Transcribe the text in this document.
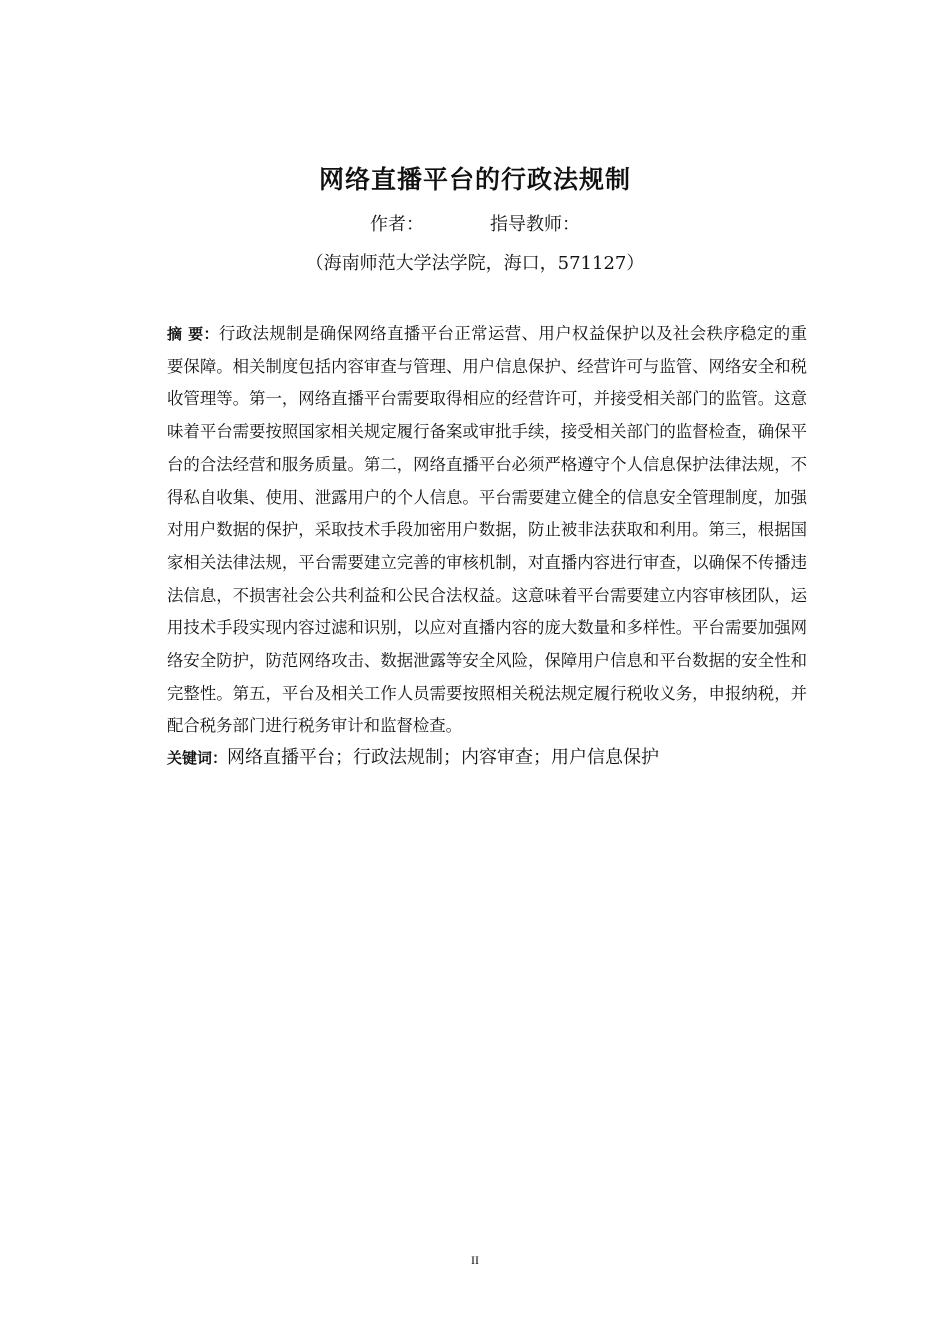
网络直播平台的行政法规制
作者：	指导教师：
（海南师范大学法学院，海口，571127）
摘 要：行政法规制是确保网络直播平台正常运营、用户权益保护以及社会秩序稳定的重要保障。相关制度包括内容审查与管理、用户信息保护、经营许可与监管、网络安全和税收管理等。第一，网络直播平台需要取得相应的经营许可，并接受相关部门的监管。这意味着平台需要按照国家相关规定履行备案或审批手续，接受相关部门的监督检查，确保平台的合法经营和服务质量。第二，网络直播平台必须严格遵守个人信息保护法律法规，不得私自收集、使用、泄露用户的个人信息。平台需要建立健全的信息安全管理制度，加强对用户数据的保护，采取技术手段加密用户数据，防止被非法获取和利用。第三，根据国家相关法律法规，平台需要建立完善的审核机制，对直播内容进行审查，以确保不传播违法信息，不损害社会公共利益和公民合法权益。这意味着平台需要建立内容审核团队，运用技术手段实现内容过滤和识别，以应对直播内容的庞大数量和多样性。平台需要加强网络安全防护，防范网络攻击、数据泄露等安全风险，保障用户信息和平台数据的安全性和完整性。第五，平台及相关工作人员需要按照相关税法规定履行税收义务，申报纳税，并配合税务部门进行税务审计和监督检查。
关键词：网络直播平台；行政法规制；内容审查；用户信息保护
II
